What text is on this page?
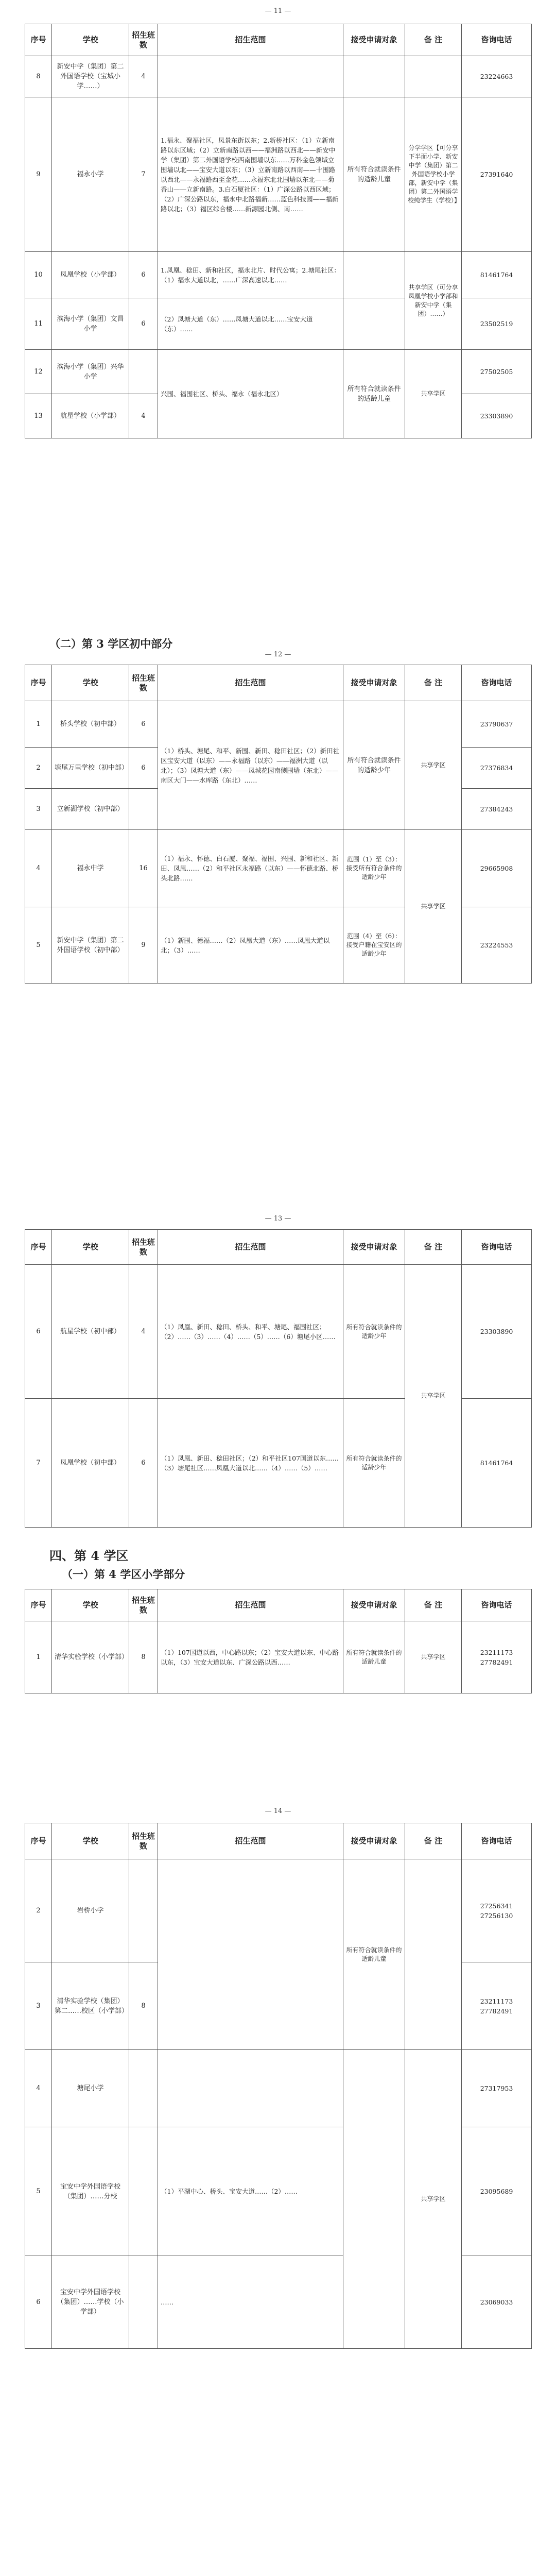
— 11 —
序号	学校	招生班数	招生范围	接受申请对象	备 注	咨询电话
8	新安中学（集团）第二外国语学校（宝城小学……）	4				23224663
9	福永小学	7	1.福永、聚福社区，凤景东街以东；2.新桥社区：（1）立新南路以东区域；（2）立新南路以西——福洲路以西北——新安中学（集团）第二外国语学校西南围墙以东……万科金色领域立围墙以北——宝安大道以东；（3）立新南路以西南——十围路以西北——永福路西至金花……永福东北北围墙以东北——菊香山——立新南路。3.白石厦社区：（1）广深公路以西区域；（2）广深公路以东，福永中北路福新……蓝色科技园——福新路以北；（3）福区综合楼……新源园北侧、南……	所有符合就读条件的适龄儿童	分学学区【可分享下半面小学、新安中学（集团）第二外国语学校小学部，新安中学（集团）第二外国语学校纯学生（学校）】	27391640
10	凤凰学校（小学部）	6	1.凤凰、稔田、新和社区，福永北片、时代公寓；2.塘尾社区：（1）福永大道以北，……广深高速以北……		共享学区（可分享凤凰学校小学部和新安中学（集团）……）	81461764
11	滨海小学（集团）文昌小学	6	（2）凤塘大道（东）……凤塘大道以北……宝安大道（东）……			23502519
12	滨海小学（集团）兴华小学		兴围、福围社区、桥头、福永（福永北区）	所有符合就读条件的适龄儿童	共享学区	27502505
13	航星学校（小学部）	4				23303890
（二）第 3 学区初中部分
— 12 —
序号	学校	招生班数	招生范围	接受申请对象	备 注	咨询电话
1	桥头学校（初中部）	6	（1）桥头、塘尾、和平、新围、新田、稔田社区；（2）新田社区宝安大道（以东）——永福路（以东）——福洲大道（以北）；（3）凤塘大道（东）——凤城花园南侧围墙（东北）——南区大门——水库路（东北）……	所有符合就读条件的适龄少年	共享学区	23790637
2	塘尾万里学校（初中部）	6				27376834
3	立新湖学校（初中部）					27384243
4	福永中学	16	（1）福永、怀德、白石厦、聚福、福围、兴围、新和社区、新田、凤凰……（2）和平社区永福路（以东）——怀德北路、桥头北路……	范围（1）至（3）：接受所有符合条件的适龄少年	共享学区	29665908
5	新安中学（集团）第二外国语学校（初中部）	9	（1）新围、德福……（2）凤凰大道（东）……凤凰大道以北；（3）……	范围（4）至（6）：接受户籍在宝安区的适龄少年		23224553
— 13 —
序号	学校	招生班数	招生范围	接受申请对象	备 注	咨询电话
6	航星学校（初中部）	4	（1）凤凰、新田、稔田、桥头、和平、塘尾、福围社区；（2）……（3）……（4）……（5）……（6）塘尾小区……	所有符合就读条件的适龄少年	共享学区	23303890
7	凤凰学校（初中部）	6	（1）凤凰、新田、稔田社区；（2）和平社区107国道以东……（3）塘尾社区……凤凰大道以北……（4）……（5）……	所有符合就读条件的适龄少年		81461764
四、第 4 学区
（一）第 4 学区小学部分
序号	学校	招生班数	招生范围	接受申请对象	备 注	咨询电话
1	清华实验学校（小学部）	8	（1）107国道以西，中心路以东；（2）宝安大道以东、中心路以东，（3）宝安大道以东、广深公路以西……	所有符合就读条件的适龄儿童	共享学区	23211173 27782491
— 14 —
序号	学校	招生班数	招生范围	接受申请对象	备 注	咨询电话
2	岩桥小学			所有符合就读条件的适龄儿童		27256341 27256130
3	清华实验学校（集团）第二……校区（小学部）	8				23211173 27782491
4	塘尾小学				共享学区	27317953
5	宝安中学外国语学校（集团）……分校		（1）平湖中心、桥头、宝安大道……（2）……			23095689
6	宝安中学外国语学校（集团）……学校（小学部）		……			23069033
